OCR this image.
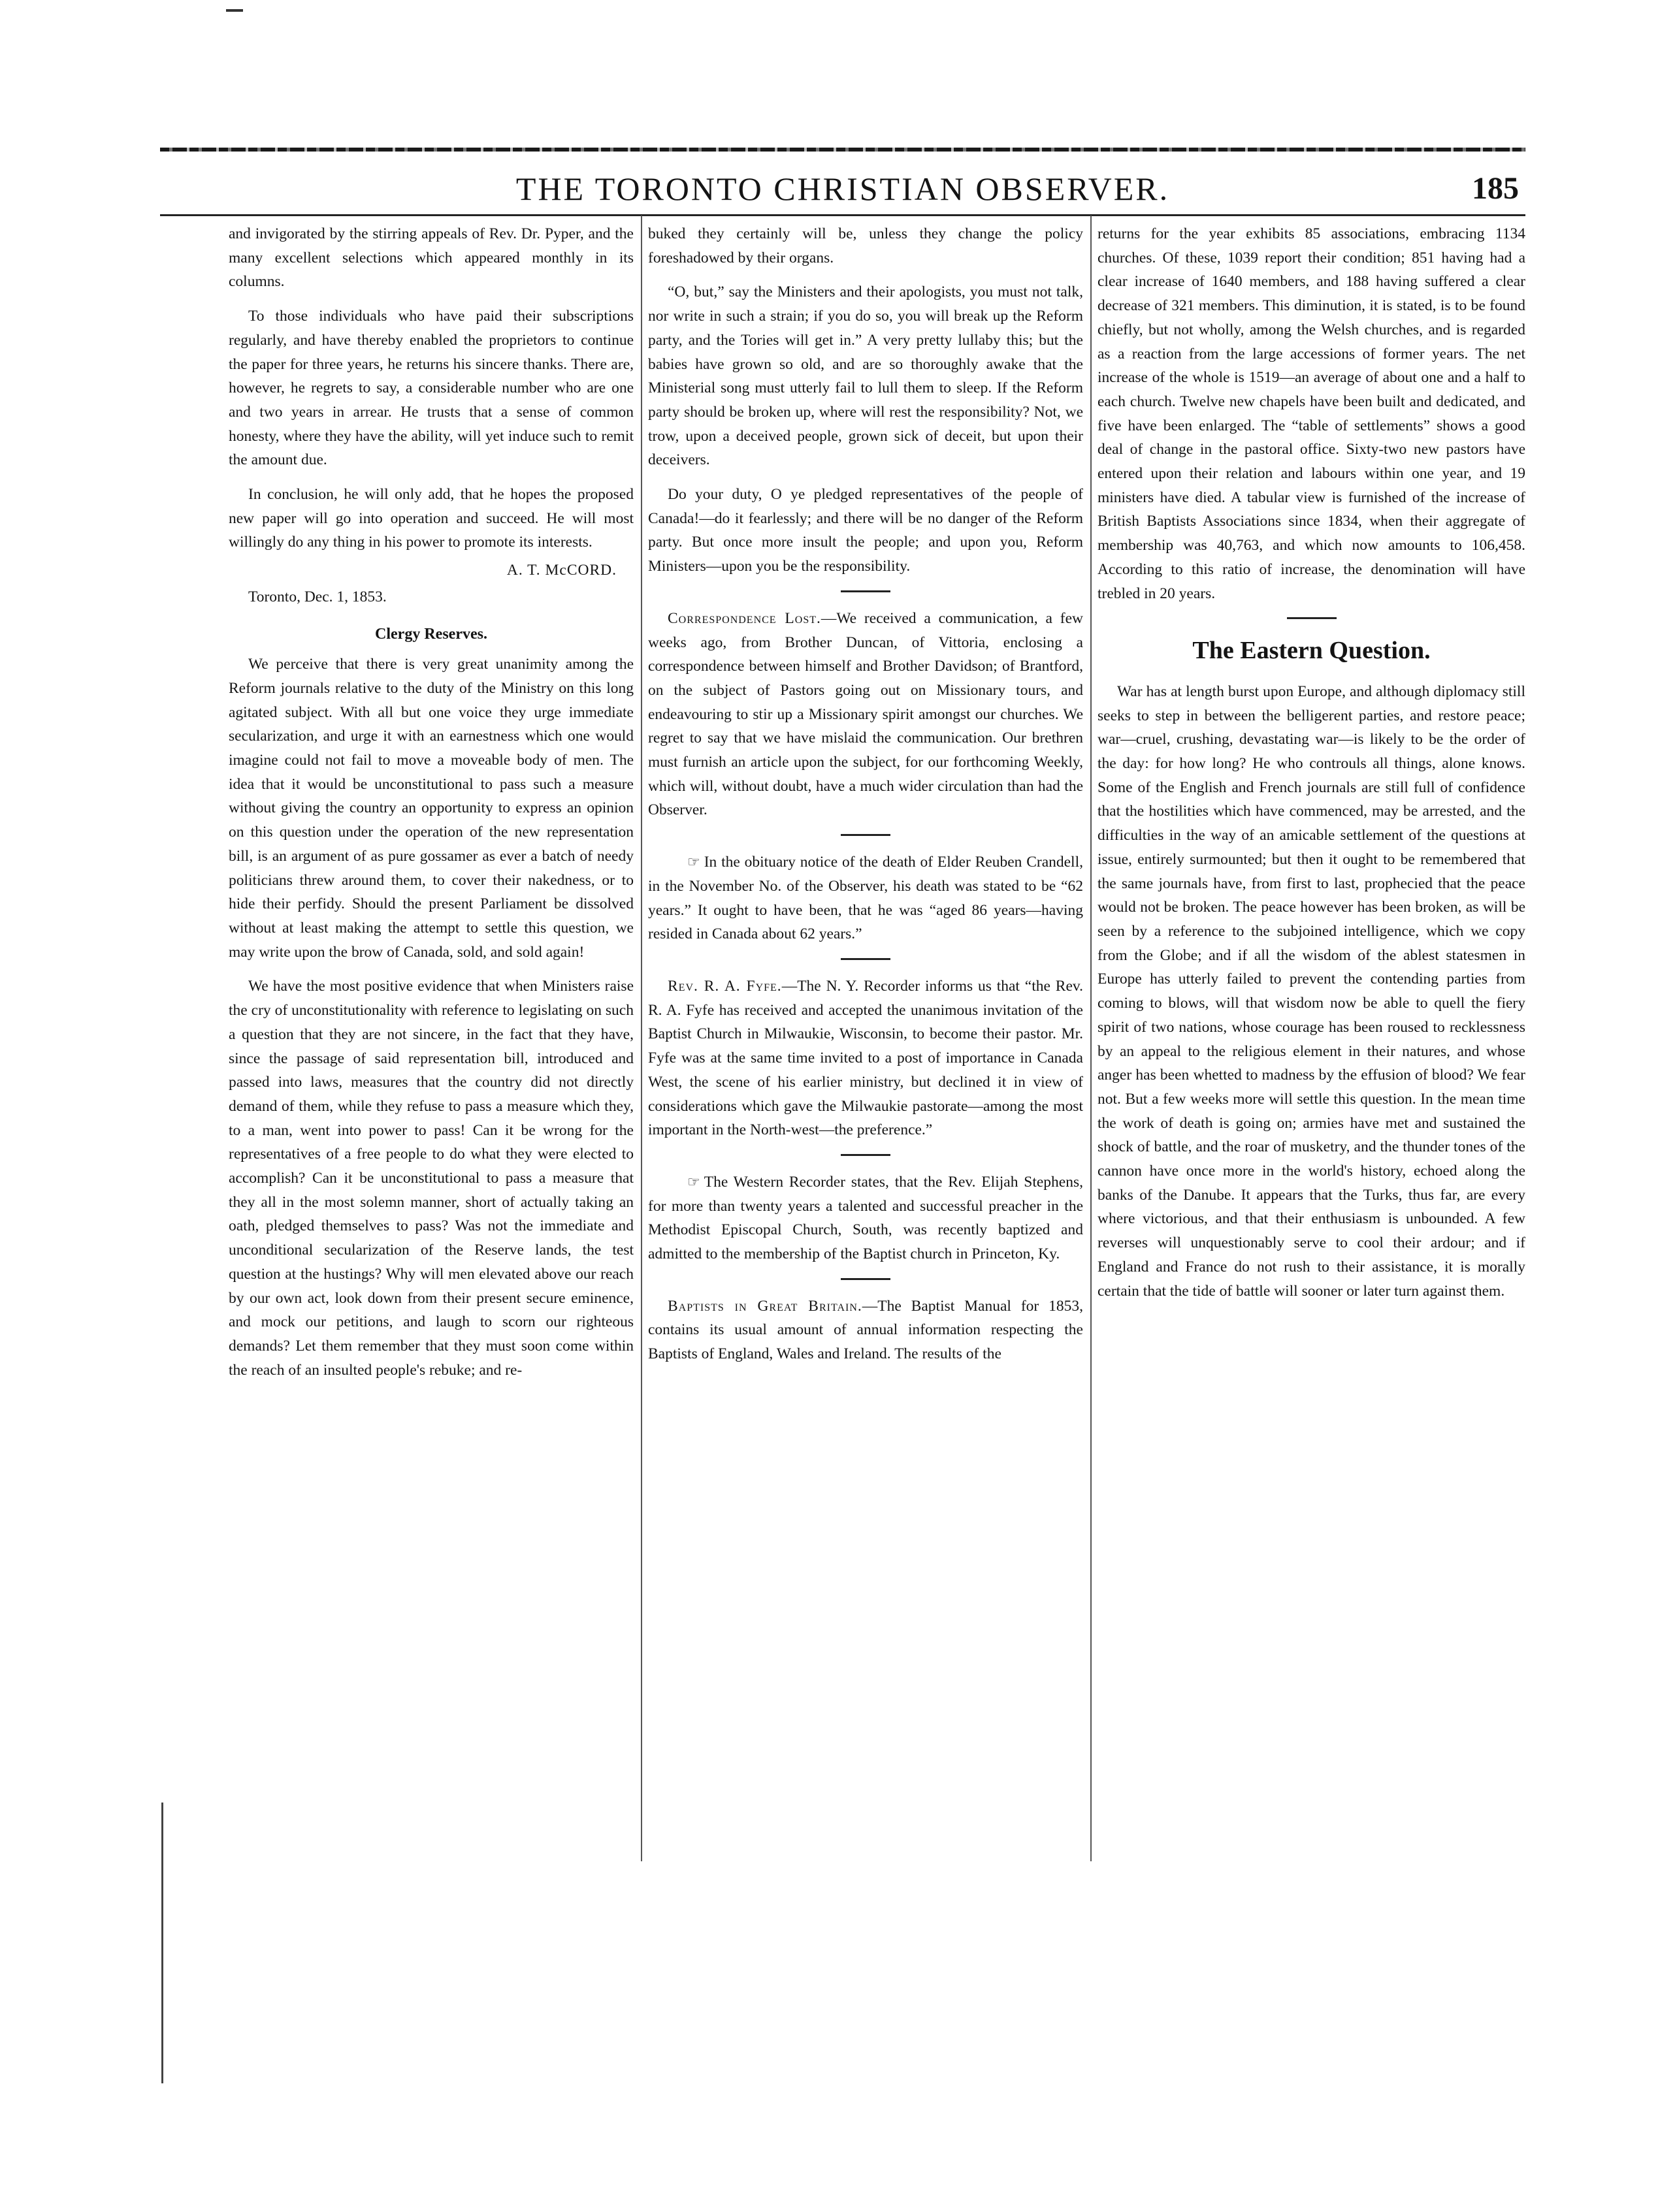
THE TORONTO CHRISTIAN OBSERVER.	185

and invigorated by the stirring appeals of Rev. Dr. Pyper, and the many excellent selections which appeared monthly in its columns.

To those individuals who have paid their subscriptions regularly, and have thereby enabled the proprietors to continue the paper for three years, he returns his sincere thanks. There are, however, he regrets to say, a considerable number who are one and two years in arrear. He trusts that a sense of common honesty, where they have the ability, will yet induce such to remit the amount due.

In conclusion, he will only add, that he hopes the proposed new paper will go into operation and succeed. He will most willingly do any thing in his power to promote its interests.

A. T. McCORD.
Toronto, Dec. 1, 1853.
Clergy Reserves.

We perceive that there is very great unanimity among the Reform journals relative to the duty of the Ministry on this long agitated subject. With all but one voice they urge immediate secularization, and urge it with an earnestness which one would imagine could not fail to move a moveable body of men. The idea that it would be unconstitutional to pass such a measure without giving the country an opportunity to express an opinion on this question under the operation of the new representation bill, is an argument of as pure gossamer as ever a batch of needy politicians threw around them, to cover their nakedness, or to hide their perfidy. Should the present Parliament be dissolved without at least making the attempt to settle this question, we may write upon the brow of Canada, sold, and sold again!

We have the most positive evidence that when Ministers raise the cry of unconstitutionality with reference to legislating on such a question that they are not sincere, in the fact that they have, since the passage of said representation bill, introduced and passed into laws, measures that the country did not directly demand of them, while they refuse to pass a measure which they, to a man, went into power to pass! Can it be wrong for the representatives of a free people to do what they were elected to accomplish? Can it be unconstitutional to pass a measure that they all in the most solemn manner, short of actually taking an oath, pledged themselves to pass? Was not the immediate and unconditional secularization of the Reserve lands, the test question at the hustings? Why will men elevated above our reach by our own act, look down from their present secure eminence, and mock our petitions, and laugh to scorn our righteous demands? Let them remember that they must soon come within the reach of an insulted people's rebuke; and re-

buked they certainly will be, unless they change the policy foreshadowed by their organs.

“O, but,” say the Ministers and their apologists, you must not talk, nor write in such a strain; if you do so, you will break up the Reform party, and the Tories will get in.” A very pretty lullaby this; but the babies have grown so old, and are so thoroughly awake that the Ministerial song must utterly fail to lull them to sleep. If the Reform party should be broken up, where will rest the responsibility? Not, we trow, upon a deceived people, grown sick of deceit, but upon their deceivers.

Do your duty, O ye pledged representatives of the people of Canada!—do it fearlessly; and there will be no danger of the Reform party. But once more insult the people; and upon you, Reform Ministers—upon you be the responsibility.

Correspondence Lost.—We received a communication, a few weeks ago, from Brother Duncan, of Vittoria, enclosing a correspondence between himself and Brother Davidson; of Brantford, on the subject of Pastors going out on Missionary tours, and endeavouring to stir up a Missionary spirit amongst our churches. We regret to say that we have mislaid the communication. Our brethren must furnish an article upon the subject, for our forthcoming Weekly, which will, without doubt, have a much wider circulation than had the Observer.

☞ In the obituary notice of the death of Elder Reuben Crandell, in the November No. of the Observer, his death was stated to be “62 years.” It ought to have been, that he was “aged 86 years—having resided in Canada about 62 years.”

Rev. R. A. Fyfe.—The N. Y. Recorder informs us that “the Rev. R. A. Fyfe has received and accepted the unanimous invitation of the Baptist Church in Milwaukie, Wisconsin, to become their pastor. Mr. Fyfe was at the same time invited to a post of importance in Canada West, the scene of his earlier ministry, but declined it in view of considerations which gave the Milwaukie pastorate—among the most important in the North-west—the preference.”

☞ The Western Recorder states, that the Rev. Elijah Stephens, for more than twenty years a talented and successful preacher in the Methodist Episcopal Church, South, was recently baptized and admitted to the membership of the Baptist church in Princeton, Ky.

Baptists in Great Britain.—The Baptist Manual for 1853, contains its usual amount of annual information respecting the Baptists of England, Wales and Ireland. The results of the

returns for the year exhibits 85 associations, embracing 1134 churches. Of these, 1039 report their condition; 851 having had a clear increase of 1640 members, and 188 having suffered a clear decrease of 321 members. This diminution, it is stated, is to be found chiefly, but not wholly, among the Welsh churches, and is regarded as a reaction from the large accessions of former years. The net increase of the whole is 1519—an average of about one and a half to each church. Twelve new chapels have been built and dedicated, and five have been enlarged. The “table of settlements” shows a good deal of change in the pastoral office. Sixty-two new pastors have entered upon their relation and labours within one year, and 19 ministers have died. A tabular view is furnished of the increase of British Baptists Associations since 1834, when their aggregate of membership was 40,763, and which now amounts to 106,458. According to this ratio of increase, the denomination will have trebled in 20 years.

The Eastern Question.

War has at length burst upon Europe, and although diplomacy still seeks to step in between the belligerent parties, and restore peace; war—cruel, crushing, devastating war—is likely to be the order of the day: for how long? He who controuls all things, alone knows. Some of the English and French journals are still full of confidence that the hostilities which have commenced, may be arrested, and the difficulties in the way of an amicable settlement of the questions at issue, entirely surmounted; but then it ought to be remembered that the same journals have, from first to last, prophecied that the peace would not be broken. The peace however has been broken, as will be seen by a reference to the subjoined intelligence, which we copy from the Globe; and if all the wisdom of the ablest statesmen in Europe has utterly failed to prevent the contending parties from coming to blows, will that wisdom now be able to quell the fiery spirit of two nations, whose courage has been roused to recklessness by an appeal to the religious element in their natures, and whose anger has been whetted to madness by the effusion of blood? We fear not. But a few weeks more will settle this question. In the mean time the work of death is going on; armies have met and sustained the shock of battle, and the roar of musketry, and the thunder tones of the cannon have once more in the world's history, echoed along the banks of the Danube. It appears that the Turks, thus far, are every where victorious, and that their enthusiasm is unbounded. A few reverses will unquestionably serve to cool their ardour; and if England and France do not rush to their assistance, it is morally certain that the tide of battle will sooner or later turn against them.
